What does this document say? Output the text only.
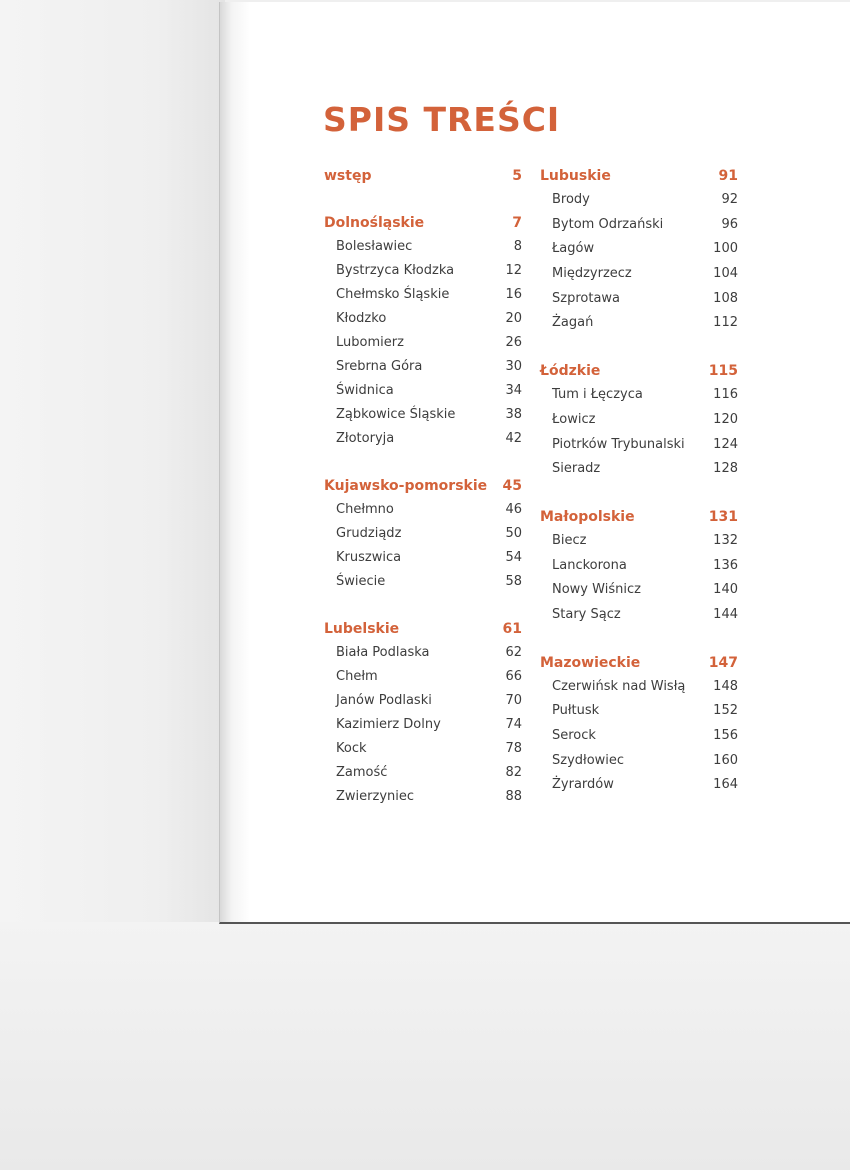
SPIS TREŚCI
wstęp	5
Dolnośląskie	7
Bolesławiec	8
Bystrzyca Kłodzka	12
Chełmsko Śląskie	16
Kłodzko	20
Lubomierz	26
Srebrna Góra	30
Świdnica	34
Ząbkowice Śląskie	38
Złotoryja	42
Kujawsko-pomorskie 45
Chełmno	46
Grudziądz	50
Kruszwica	54
Świecie	58
Lubelskie	61
Biała Podlaska	62
Chełm	66
Janów Podlaski	70
Kazimierz Dolny	74
Kock	78
Zamość	82
Zwierzyniec	88
Lubuskie	91
Brody	92
Bytom Odrzański	96
Łagów	100
Międzyrzecz	104
Szprotawa	108
Żagań	112
Łódzkie	115
Tum i Łęczyca	116
Łowicz	120
Piotrków Trybunalski 124
Sieradz	128
Małopolskie	131
Biecz	132
Lanckorona	136
Nowy Wiśnicz	140
Stary Sącz	144
Mazowieckie	147
Czerwińsk nad Wisłą 148
Pułtusk	152
Serock	156
Szydłowiec	160
Żyrardów	164
